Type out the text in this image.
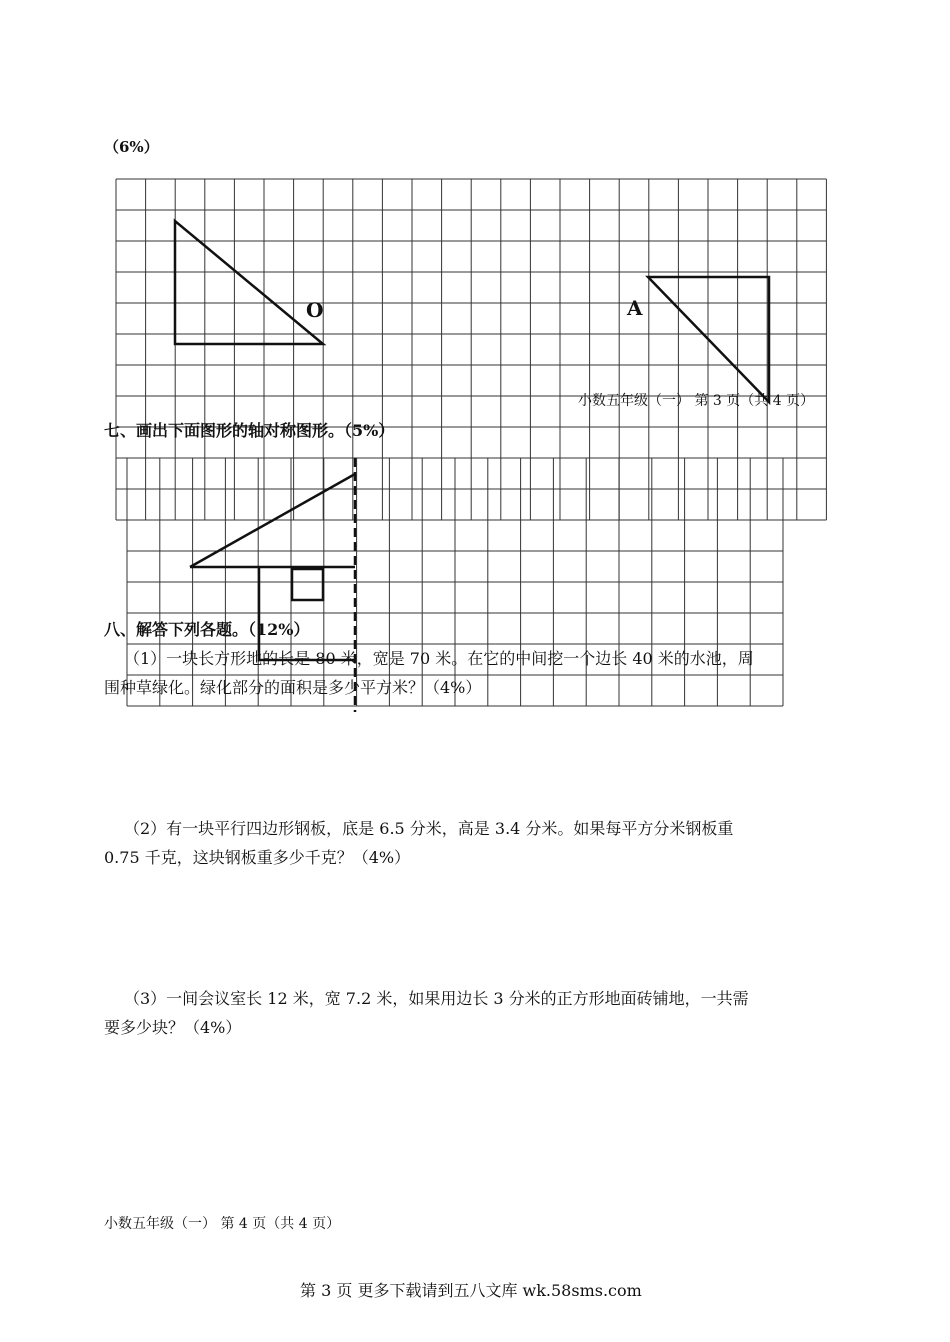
（6%）
O	A
小数五年级（一） 第 3 页（共 4 页）
七、画出下面图形的轴对称图形。（5%）
八、解答下列各题。（12%）
（1）一块长方形地的长是 80 米，宽是 70 米。在它的中间挖一个边长 40 米的水池，周
围种草绿化。绿化部分的面积是多少平方米？（4%）
（2）有一块平行四边形钢板，底是 6.5 分米，高是 3.4 分米。如果每平方分米钢板重
0.75 千克，这块钢板重多少千克？（4%）
（3）一间会议室长 12 米，宽 7.2 米，如果用边长 3 分米的正方形地面砖铺地，一共需
要多少块？（4%）
小数五年级（一） 第 4 页（共 4 页）
第 3 页 更多下载请到五八文库 wk.58sms.com
